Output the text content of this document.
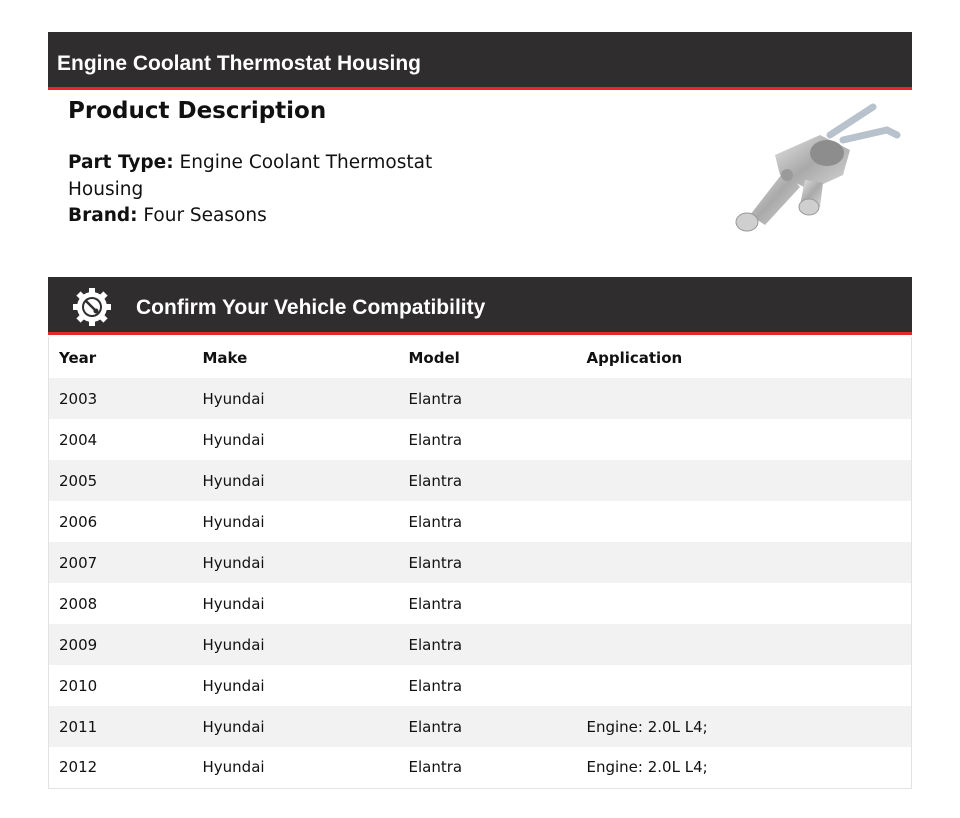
Engine Coolant Thermostat Housing
Product Description
Part Type: Engine Coolant Thermostat Housing
Brand: Four Seasons
Confirm Your Vehicle Compatibility
Year	Make	Model	Application
2003	Hyundai	Elantra	
2004	Hyundai	Elantra	
2005	Hyundai	Elantra	
2006	Hyundai	Elantra	
2007	Hyundai	Elantra	
2008	Hyundai	Elantra	
2009	Hyundai	Elantra	
2010	Hyundai	Elantra	
2011	Hyundai	Elantra	Engine: 2.0L L4;
2012	Hyundai	Elantra	Engine: 2.0L L4;
